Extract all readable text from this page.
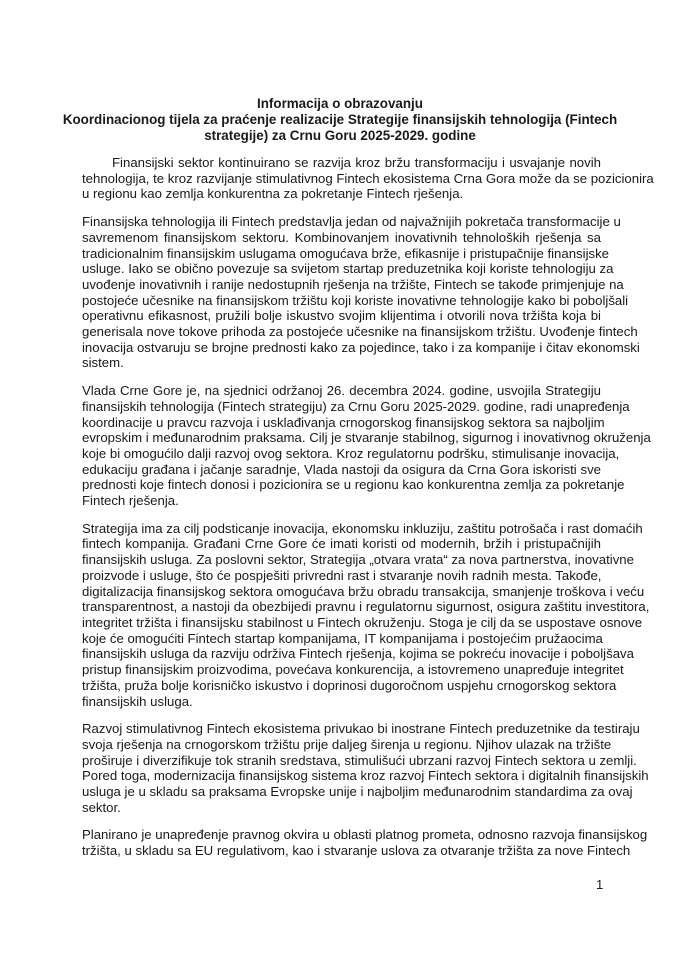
Informacija o obrazovanju
Koordinacionog tijela za praćenje realizacije Strategije finansijskih tehnologija (Fintech
strategije) za Crnu Goru 2025-2029. godine
Finansijski sektor kontinuirano se razvija kroz bržu transformaciju i usvajanje novih
tehnologija, te kroz razvijanje stimulativnog Fintech ekosistema Crna Gora može da se pozicionira
u regionu kao zemlja konkurentna za pokretanje Fintech rješenja.
Finansijska tehnologija ili Fintech predstavlja jedan od najvažnijih pokretača transformacije u
savremenom finansijskom sektoru. Kombinovanjem inovativnih tehnoloških rješenja sa
tradicionalnim finansijskim uslugama omogućava brže, efikasnije i pristupačnije finansijske
usluge. Iako se obično povezuje sa svijetom startap preduzetnika koji koriste tehnologiju za
uvođenje inovativnih i ranije nedostupnih rješenja na tržište, Fintech se takođe primjenjuje na
postojeće učesnike na finansijskom tržištu koji koriste inovativne tehnologije kako bi poboljšali
operativnu efikasnost, pružili bolje iskustvo svojim klijentima i otvorili nova tržišta koja bi
generisala nove tokove prihoda za postojeće učesnike na finansijskom tržištu. Uvođenje fintech
inovacija ostvaruju se brojne prednosti kako za pojedince, tako i za kompanije i čitav ekonomski
sistem.
Vlada Crne Gore je, na sjednici održanoj 26. decembra 2024. godine, usvojila Strategiju
finansijskih tehnologija (Fintech strategiju) za Crnu Goru 2025-2029. godine, radi unapređenja
koordinacije u pravcu razvoja i usklađivanja crnogorskog finansijskog sektora sa najboljim
evropskim i međunarodnim praksama. Cilj je stvaranje stabilnog, sigurnog i inovativnog okruženja
koje bi omogućilo dalji razvoj ovog sektora. Kroz regulatornu podršku, stimulisanje inovacija,
edukaciju građana i jačanje saradnje, Vlada nastoji da osigura da Crna Gora iskoristi sve
prednosti koje fintech donosi i pozicionira se u regionu kao konkurentna zemlja za pokretanje
Fintech rješenja.
Strategija ima za cilj podsticanje inovacija, ekonomsku inkluziju, zaštitu potrošača i rast domaćih
fintech kompanija. Građani Crne Gore će imati koristi od modernih, bržih i pristupačnijih
finansijskih usluga. Za poslovni sektor, Strategija „otvara vrata“ za nova partnerstva, inovativne
proizvode i usluge, što će pospješiti privredni rast i stvaranje novih radnih mesta. Takođe,
digitalizacija finansijskog sektora omogućava bržu obradu transakcija, smanjenje troškova i veću
transparentnost, a nastoji da obezbijedi pravnu i regulatornu sigurnost, osigura zaštitu investitora,
integritet tržišta i finansijsku stabilnost u Fintech okruženju. Stoga je cilj da se uspostave osnove
koje će omogućiti Fintech startap kompanijama, IT kompanijama i postojećim pružaocima
finansijskih usluga da razviju održiva Fintech rješenja, kojima se pokreću inovacije i poboljšava
pristup finansijskim proizvodima, povećava konkurencija, a istovremeno unapređuje integritet
tržišta, pruža bolje korisničko iskustvo i doprinosi dugoročnom uspjehu crnogorskog sektora
finansijskih usluga.
Razvoj stimulativnog Fintech ekosistema privukao bi inostrane Fintech preduzetnike da testiraju
svoja rješenja na crnogorskom tržištu prije daljeg širenja u regionu. Njihov ulazak na tržište
proširuje i diverzifikuje tok stranih sredstava, stimulišući ubrzani razvoj Fintech sektora u zemlji.
Pored toga, modernizacija finansijskog sistema kroz razvoj Fintech sektora i digitalnih finansijskih
usluga je u skladu sa praksama Evropske unije i najboljim međunarodnim standardima za ovaj
sektor.
Planirano je unapređenje pravnog okvira u oblasti platnog prometa, odnosno razvoja finansijskog
tržišta, u skladu sa EU regulativom, kao i stvaranje uslova za otvaranje tržišta za nove Fintech
1
